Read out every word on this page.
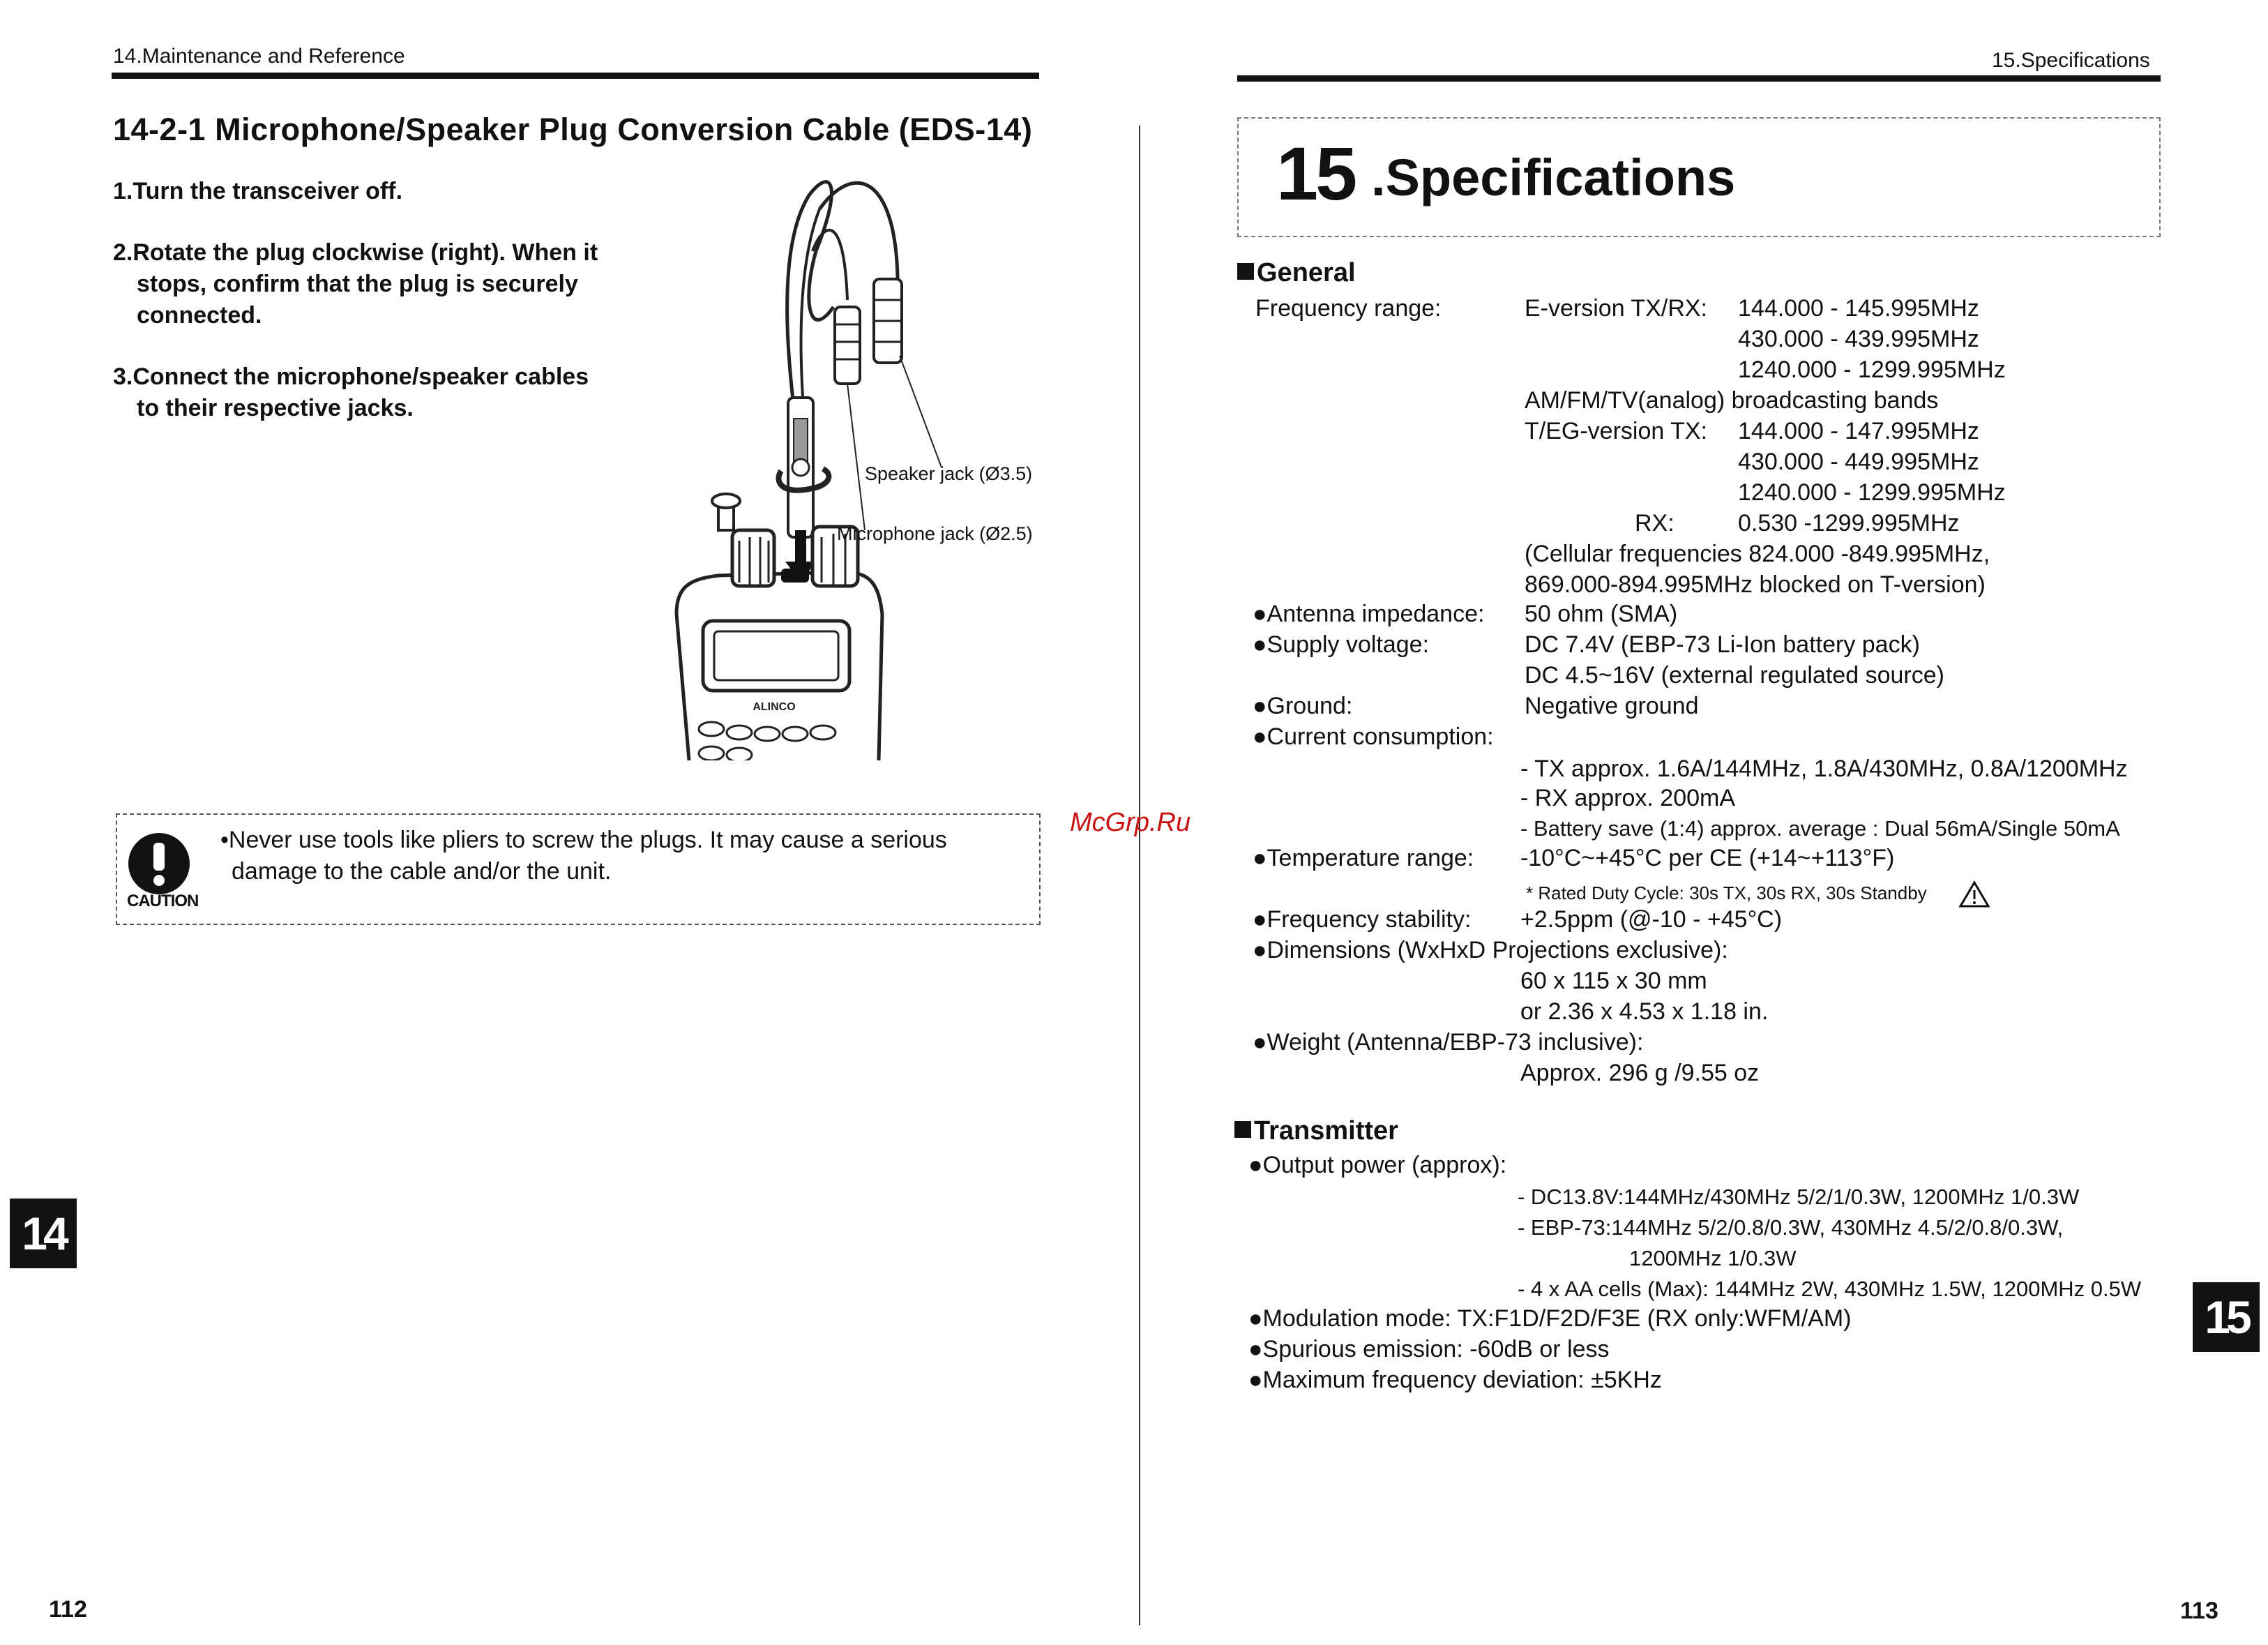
14.Maintenance and Reference
14-2-1 Microphone/Speaker Plug Conversion Cable (EDS-14)
1.Turn the transceiver off.
2.Rotate the plug clockwise (right). When it
stops, confirm that the plug is securely
connected.
3.Connect the microphone/speaker cables
to their respective jacks.
ALINCO
Speaker jack (Ø3.5)
Microphone jack (Ø2.5)
CAUTION
•Never use tools like pliers to screw the plugs. It may cause a serious
damage to the cable and/or the unit.
14
112
McGrp.Ru
15.Specifications
15 .Specifications
General
Frequency range:	E-version TX/RX: 144.000 - 145.995MHz
430.000 - 439.995MHz
1240.000 - 1299.995MHz
AM/FM/TV(analog) broadcasting bands
T/EG-version TX: 144.000 - 147.995MHz
430.000 - 449.995MHz
1240.000 - 1299.995MHz
RX:	0.530 -1299.995MHz
(Cellular frequencies 824.000 -849.995MHz,
869.000-894.995MHz blocked on T-version)
●Antenna impedance: 50 ohm (SMA)
●Supply voltage:	DC 7.4V (EBP-73 Li-Ion battery pack)
DC 4.5~16V (external regulated source)
●Ground:	Negative ground
●Current consumption:
- TX approx. 1.6A/144MHz, 1.8A/430MHz, 0.8A/1200MHz
- RX approx. 200mA
- Battery save (1:4) approx. average : Dual 56mA/Single 50mA
●Temperature range: -10°C~+45°C per CE (+14~+113°F)
* Rated Duty Cycle: 30s TX, 30s RX, 30s Standby
●Frequency stability: +2.5ppm (@-10 - +45°C)
●Dimensions (WxHxD Projections exclusive):
60 x 115 x 30 mm
or 2.36 x 4.53 x 1.18 in.
●Weight (Antenna/EBP-73 inclusive):
Approx. 296 g /9.55 oz
Transmitter
●Output power (approx):
- DC13.8V:144MHz/430MHz 5/2/1/0.3W, 1200MHz 1/0.3W
- EBP-73:144MHz 5/2/0.8/0.3W, 430MHz 4.5/2/0.8/0.3W,
1200MHz 1/0.3W
- 4 x AA cells (Max): 144MHz 2W, 430MHz 1.5W, 1200MHz 0.5W
●Modulation mode: TX:F1D/F2D/F3E (RX only:WFM/AM)
●Spurious emission: -60dB or less
●Maximum frequency deviation: ±5KHz
15
113
